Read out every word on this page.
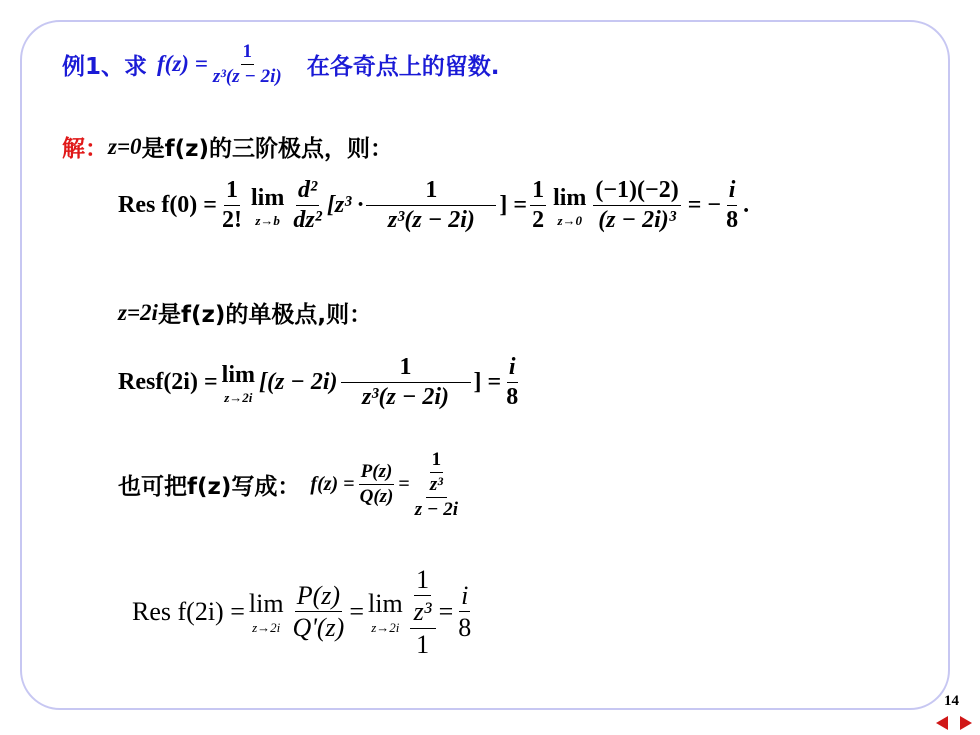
例1、求 $f(z) = \frac{1}{\text{z³(z − 2i)}}$ 在各奇点上的留数.
解 ： z=0 是f(z)的三阶极点，则：
Res $f(0) = \frac{1}{2!}$ lim
$z\to b \frac{\text{d²}}{\text{dz²}} [z^3 \cdot \frac{1}{\text{z³(z − 2i)}}$ ] = $\frac{1}{2}$ lim
$z\to 0 \frac{(-1)(-2)}{\text{(z − 2i)³}}$ = − $\frac{i}{8}$ .
z=2i 是f(z)的单极点,则：
Resf(2i) = lim
z→2i
[$(z - 2i) \frac{1}{\text{z³(z − 2i)}}$ ] = $\frac{i}{8}$
也可把f(z)写成： $f(z) = \frac{P(z)}{Q(z)} = \frac{\frac{1}{\text{z³}}}{z - 2i}$
Res f(2i) = lim
$z\to 2i \frac{P(z)}{Q'(z)} = \lim$
$z\to 2i \frac{\frac{1}{\text{z³}}}{1} = \frac{i}{8}$
14
